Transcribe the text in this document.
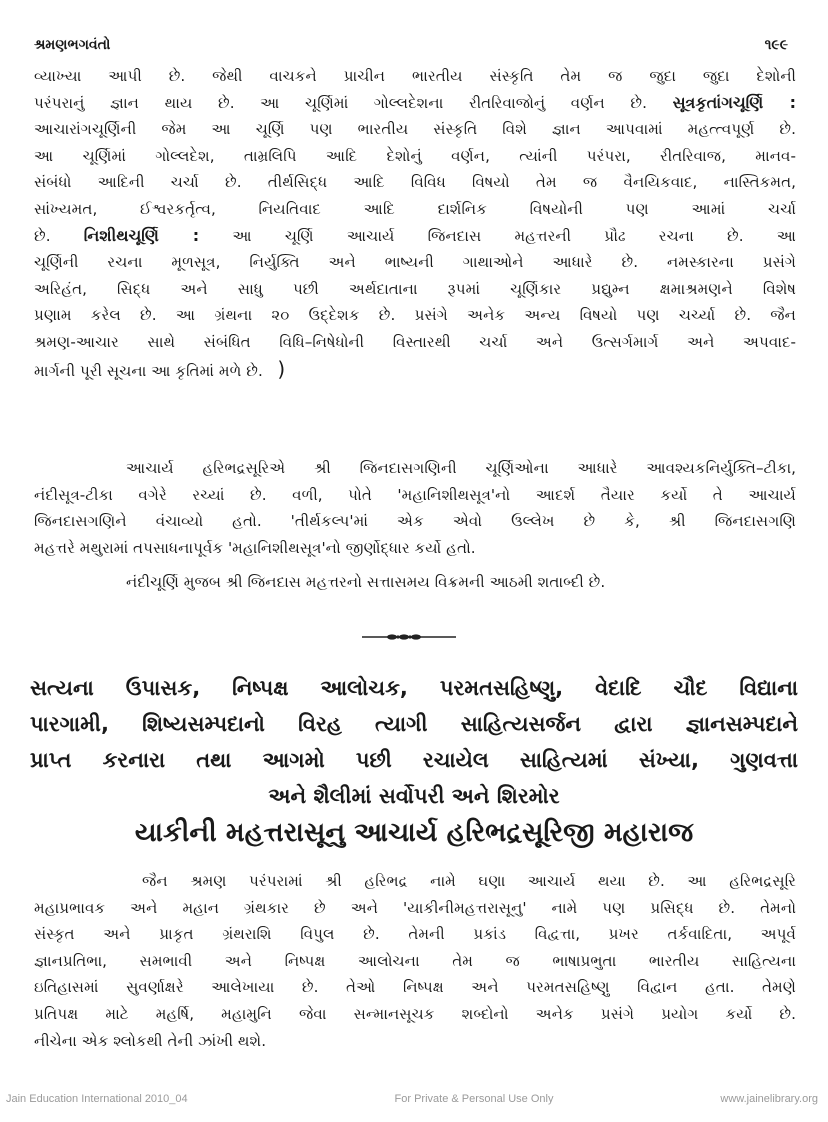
શ્રમણભગવંતો	૧૯૯
વ્યાખ્યા આપી છે. જેથી વાચકને પ્રાચીન ભારતીય સંસ્કૃતિ તેમ જ જુદા જુદા દેશોની
પરંપરાનું જ્ઞાન થાય છે. આ ચૂર્ણિમાં ગોલ્લદેશના રીતરિવાજોનું વર્ણન છે. સૂત્રકૃતાંગચૂર્ણિ :
આચારાંગચૂર્ણિની જેમ આ ચૂર્ણિ પણ ભારતીય સંસ્કૃતિ વિશે જ્ઞાન આપવામાં મહત્ત્વપૂર્ણ છે.
આ ચૂર્ણિમાં ગોલ્લદેશ, તામ્રલિપિ આદિ દેશોનું વર્ણન, ત્યાંની પરંપરા, રીતરિવાજ, માનવ-
સંબંધો આદિની ચર્ચા છે. તીર્થસિદ્ધ આદિ વિવિધ વિષયો તેમ જ વૈનયિકવાદ, નાસ્તિકમત,
સાંખ્યમત, ઈશ્વરકર્તૃત્વ, નિયતિવાદ આદિ દાર્શનિક વિષયોની પણ આમાં ચર્ચા
છે. નિશીથચૂર્ણિ : આ ચૂર્ણિ આચાર્ય જિનદાસ મહત્તરની પ્રૌઢ રચના છે. આ
ચૂર્ણિની રચના મૂળસૂત્ર, નિર્યુક્તિ અને ભાષ્યની ગાથાઓને આધારે છે. નમસ્કારના પ્રસંગે
અરિહંત, સિદ્ધ અને સાધુ પછી અર્થદાતાના રૂપમાં ચૂર્ણિકાર પ્રદ્યુમ્ન ક્ષમાશ્રમણને વિશેષ
પ્રણામ કરેલ છે. આ ગ્રંથના ૨૦ ઉદ્દેશક છે. પ્રસંગે અનેક અન્ય વિષયો પણ ચર્ચ્યા છે. જૈન
શ્રમણ-આચાર સાથે સંબંધિત વિધિ–નિષેધોની વિસ્તારથી ચર્ચા અને ઉત્સર્ગમાર્ગ અને અપવાદ-
માર્ગની પૂરી સૂચના આ કૃતિમાં મળે છે. )
આચાર્ય હરિભદ્રસૂરિએ શ્રી જિનદાસગણિની ચૂર્ણિઓના આધારે આવશ્યકનિર્યુક્તિ–ટીકા,
નંદીસૂત્ર-ટીકા વગેરે રચ્યાં છે. વળી, પોતે 'મહાનિશીથસૂત્ર'નો આદર્શ તૈયાર કર્યો તે આચાર્ય
જિનદાસગણિને વંચાવ્યો હતો. 'તીર્થકલ્પ'માં એક એવો ઉલ્લેખ છે કે, શ્રી જિનદાસગણિ
મહત્તરે મથુરામાં તપસાધનાપૂર્વક 'મહાનિશીથસૂત્ર'નો જીર્ણોદ્ધાર કર્યો હતો.
નંદીચૂર્ણિ મુજબ શ્રી જિનદાસ મહત્તરનો સત્તાસમય વિક્રમની આઠમી શતાબ્દી છે.
સત્યના ઉપાસક, નિષ્પક્ષ આલોચક, પરમતસહિષ્ણુ, વેદાદિ ચૌદ વિદ્યાના
પારગામી, શિષ્યસમ્પદાનો વિરહ ત્યાગી સાહિત્યસર્જન દ્વારા જ્ઞાનસમ્પદાને
પ્રાપ્ત કરનારા તથા આગમો પછી રચાયેલ સાહિત્યમાં સંખ્યા, ગુણવત્તા
અને શૈલીમાં સર્વોપરી અને શિરમોર
યાકીની મહત્તરાસૂનુ આચાર્ય હરિભદ્રસૂરિજી મહારાજ
જૈન શ્રમણ પરંપરામાં શ્રી હરિભદ્ર નામે ઘણા આચાર્ય થયા છે. આ હરિભદ્રસૂરિ
મહાપ્રભાવક અને મહાન ગ્રંથકાર છે અને 'યાકીનીમહત્તરાસૂનુ' નામે પણ પ્રસિદ્ધ છે. તેમનો
સંસ્કૃત અને પ્રાકૃત ગ્રંથરાશિ વિપુલ છે. તેમની પ્રકાંડ વિદ્વત્તા, પ્રખર તર્કવાદિતા, અપૂર્વ
જ્ઞાનપ્રતિભા, સમભાવી અને નિષ્પક્ષ આલોચના તેમ જ ભાષાપ્રભુતા ભારતીય સાહિત્યના
ઇતિહાસમાં સુવર્ણાક્ષરે આલેખાયા છે. તેઓ નિષ્પક્ષ અને પરમતસહિષ્ણુ વિદ્વાન હતા. તેમણે
પ્રતિપક્ષ માટે મહર્ષિ, મહામુનિ જેવા સન્માનસૂચક શબ્દોનો અનેક પ્રસંગે પ્રયોગ કર્યો છે.
નીચેના એક શ્લોકથી તેની ઝાંખી થશે.
Jain Education International 2010_04	For Private & Personal Use Only	www.jainelibrary.org
